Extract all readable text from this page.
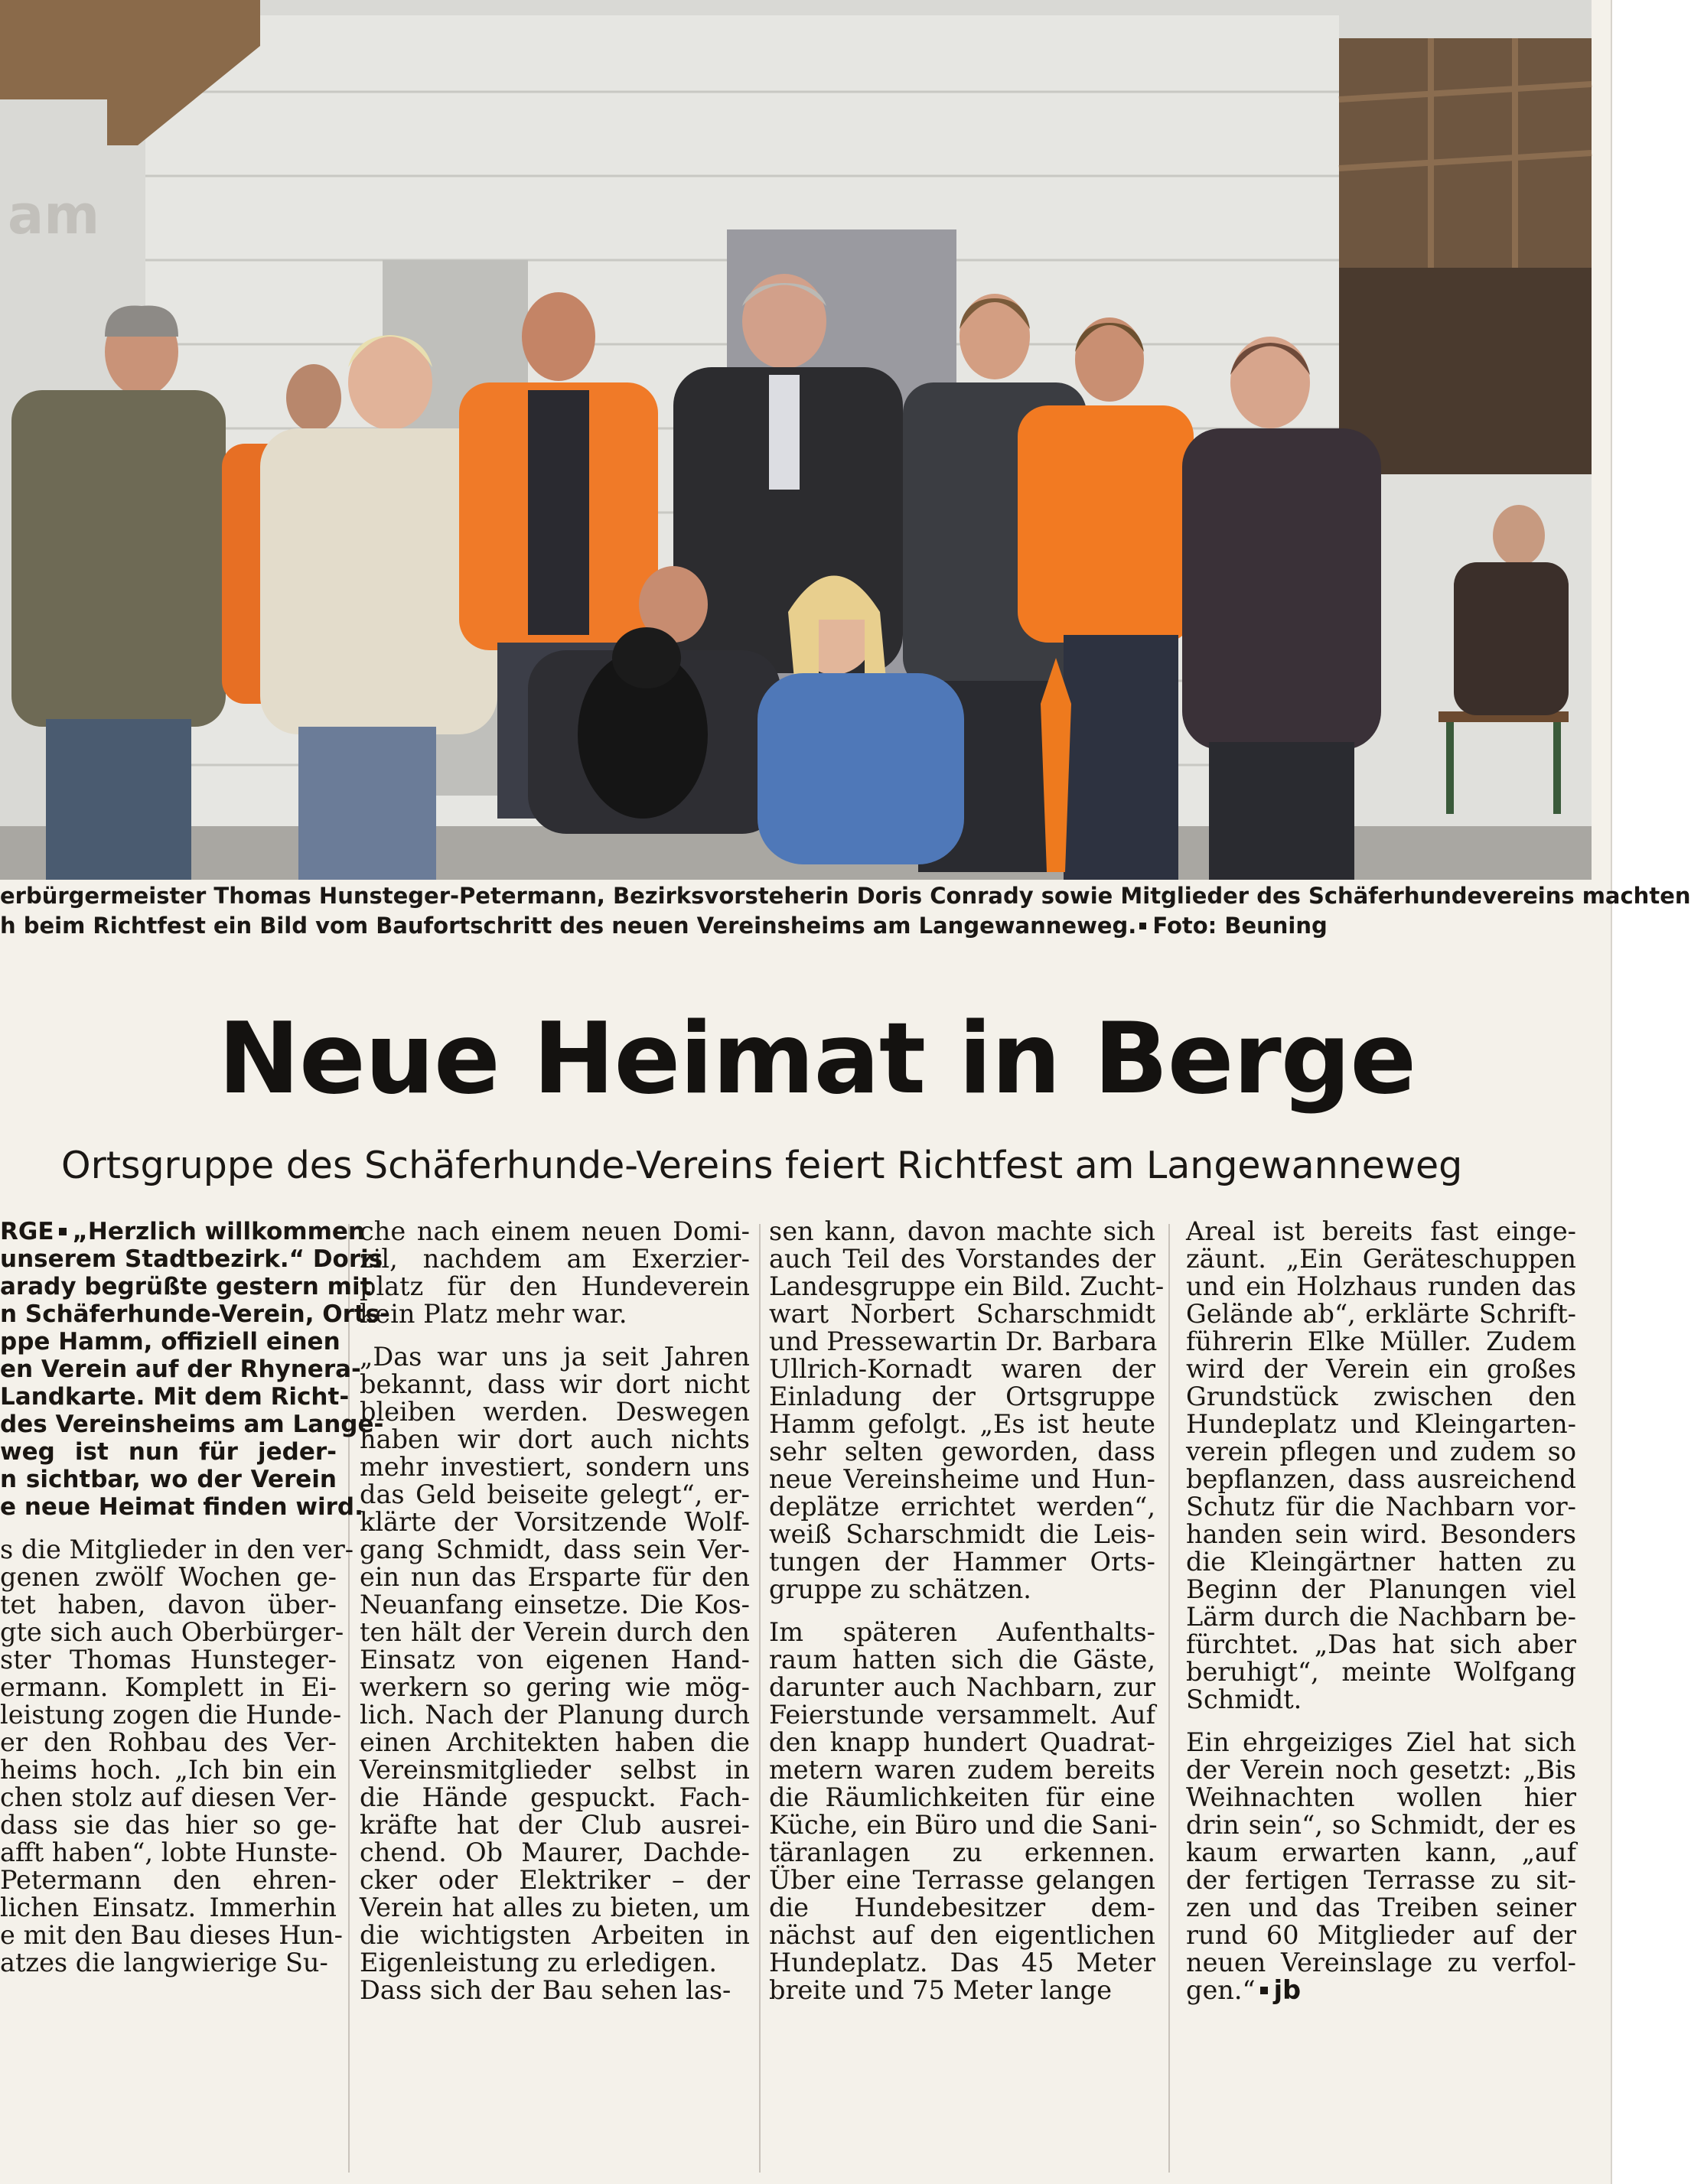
am
erbürgermeister Thomas Hunsteger-Petermann, Bezirksvorsteherin Doris Conrady sowie Mitglieder des Schäferhundevereins machten
h beim Richtfest ein Bild vom Baufortschritt des neuen Vereinsheims am Langewanneweg. Foto: Beuning
Neue Heimat in Berge
Ortsgruppe des Schäferhunde-Vereins feiert Richtfest am Langewanneweg
RGE „Herzlich willkommen
unserem Stadtbezirk.“ Doris
arady begrüßte gestern mit
n Schäferhunde-Verein, Orts-
ppe Hamm, offiziell einen
en Verein auf der Rhynera-
Landkarte. Mit dem Richt-
des Vereinsheims am Lange-
weg ist nun für jeder-
n sichtbar, wo der Verein
e neue Heimat finden wird.
s die Mitglieder in den ver-
genen zwölf Wochen ge-
tet haben, davon über-
gte sich auch Oberbürger-
ster Thomas Hunsteger-
ermann. Komplett in Ei-
leistung zogen die Hunde-
er den Rohbau des Ver-
heims hoch. „Ich bin ein
chen stolz auf diesen Ver-
dass sie das hier so ge-
afft haben“, lobte Hunste-
Petermann den ehren-
lichen Einsatz. Immerhin
e mit den Bau dieses Hun-
atzes die langwierige Su-
che nach einem neuen Domi-
zil, nachdem am Exerzier-
platz für den Hundeverein
kein Platz mehr war.
„Das war uns ja seit Jahren
bekannt, dass wir dort nicht
bleiben werden. Deswegen
haben wir dort auch nichts
mehr investiert, sondern uns
das Geld beiseite gelegt“, er-
klärte der Vorsitzende Wolf-
gang Schmidt, dass sein Ver-
ein nun das Ersparte für den
Neuanfang einsetze. Die Kos-
ten hält der Verein durch den
Einsatz von eigenen Hand-
werkern so gering wie mög-
lich. Nach der Planung durch
einen Architekten haben die
Vereinsmitglieder selbst in
die Hände gespuckt. Fach-
kräfte hat der Club ausrei-
chend. Ob Maurer, Dachde-
cker oder Elektriker – der
Verein hat alles zu bieten, um
die wichtigsten Arbeiten in
Eigenleistung zu erledigen.
Dass sich der Bau sehen las-
sen kann, davon machte sich
auch Teil des Vorstandes der
Landesgruppe ein Bild. Zucht-
wart Norbert Scharschmidt
und Pressewartin Dr. Barbara
Ullrich-Kornadt waren der
Einladung der Ortsgruppe
Hamm gefolgt. „Es ist heute
sehr selten geworden, dass
neue Vereinsheime und Hun-
deplätze errichtet werden“,
weiß Scharschmidt die Leis-
tungen der Hammer Orts-
gruppe zu schätzen.
Im späteren Aufenthalts-
raum hatten sich die Gäste,
darunter auch Nachbarn, zur
Feierstunde versammelt. Auf
den knapp hundert Quadrat-
metern waren zudem bereits
die Räumlichkeiten für eine
Küche, ein Büro und die Sani-
täranlagen zu erkennen.
Über eine Terrasse gelangen
die Hundebesitzer dem-
nächst auf den eigentlichen
Hundeplatz. Das 45 Meter
breite und 75 Meter lange
Areal ist bereits fast einge-
zäunt. „Ein Geräteschuppen
und ein Holzhaus runden das
Gelände ab“, erklärte Schrift-
führerin Elke Müller. Zudem
wird der Verein ein großes
Grundstück zwischen den
Hundeplatz und Kleingarten-
verein pflegen und zudem so
bepflanzen, dass ausreichend
Schutz für die Nachbarn vor-
handen sein wird. Besonders
die Kleingärtner hatten zu
Beginn der Planungen viel
Lärm durch die Nachbarn be-
fürchtet. „Das hat sich aber
beruhigt“, meinte Wolfgang
Schmidt.
Ein ehrgeiziges Ziel hat sich
der Verein noch gesetzt: „Bis
Weihnachten wollen hier
drin sein“, so Schmidt, der es
kaum erwarten kann, „auf
der fertigen Terrasse zu sit-
zen und das Treiben seiner
rund 60 Mitglieder auf der
neuen Vereinslage zu verfol-
gen.“ jb
